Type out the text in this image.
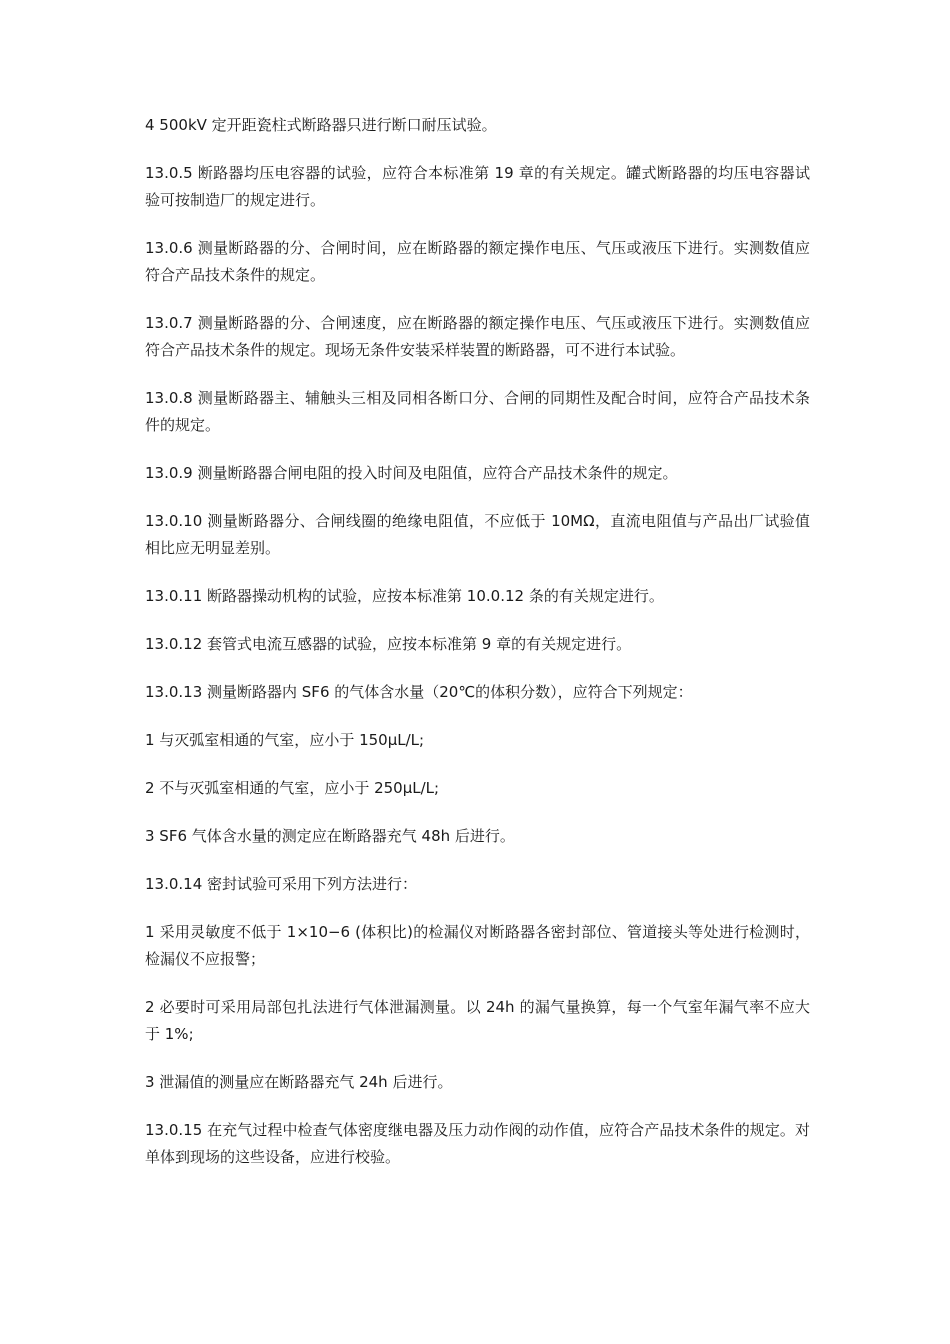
4 500kV 定开距瓷柱式断路器只进行断口耐压试验。

13.0.5 断路器均压电容器的试验，应符合本标准第 19 章的有关规定。罐式断路器的均压电容器试验可按制造厂的规定进行。

13.0.6 测量断路器的分、合闸时间，应在断路器的额定操作电压、气压或液压下进行。实测数值应符合产品技术条件的规定。

13.0.7 测量断路器的分、合闸速度，应在断路器的额定操作电压、气压或液压下进行。实测数值应符合产品技术条件的规定。现场无条件安装采样装置的断路器，可不进行本试验。

13.0.8 测量断路器主、辅触头三相及同相各断口分、合闸的同期性及配合时间，应符合产品技术条件的规定。

13.0.9 测量断路器合闸电阻的投入时间及电阻值，应符合产品技术条件的规定。

13.0.10 测量断路器分、合闸线圈的绝缘电阻值，不应低于 10MΩ，直流电阻值与产品出厂试验值相比应无明显差别。

13.0.11 断路器操动机构的试验，应按本标准第 10.0.12 条的有关规定进行。

13.0.12 套管式电流互感器的试验，应按本标准第 9 章的有关规定进行。

13.0.13 测量断路器内 SF6 的气体含水量（20℃的体积分数），应符合下列规定：

1 与灭弧室相通的气室，应小于 150μL/L;

2 不与灭弧室相通的气室，应小于 250μL/L;

3 SF6 气体含水量的测定应在断路器充气 48h 后进行。

13.0.14 密封试验可采用下列方法进行：

1 采用灵敏度不低于 1×10−6 (体积比)的检漏仪对断路器各密封部位、管道接头等处进行检测时，检漏仪不应报警；

2 必要时可采用局部包扎法进行气体泄漏测量。以 24h 的漏气量换算，每一个气室年漏气率不应大于 1%;

3 泄漏值的测量应在断路器充气 24h 后进行。

13.0.15 在充气过程中检查气体密度继电器及压力动作阀的动作值，应符合产品技术条件的规定。对单体到现场的这些设备，应进行校验。
